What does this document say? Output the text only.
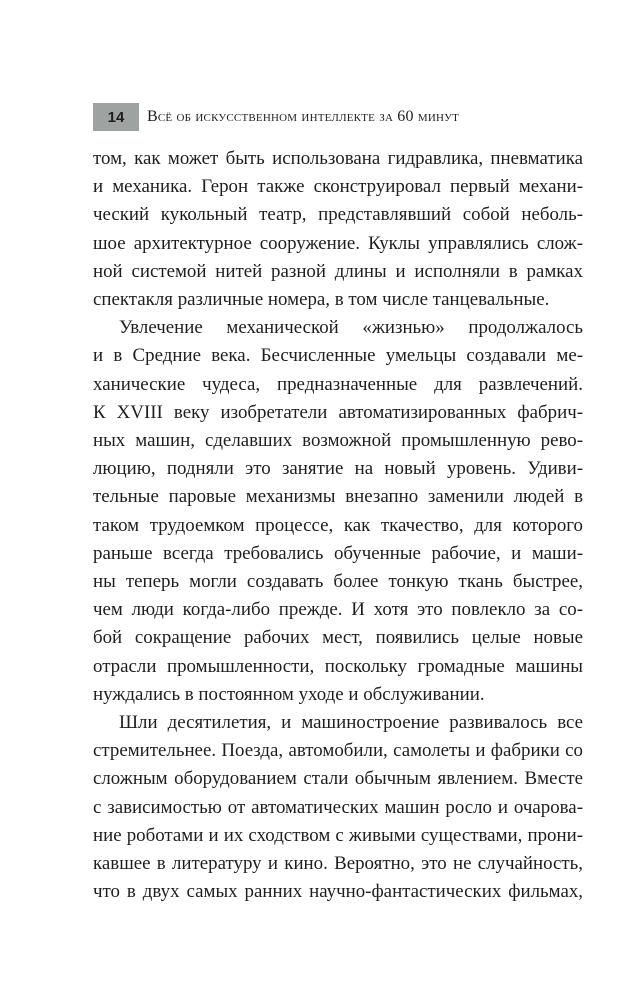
14 Всё об искусственном интеллекте за 60 минут

том, как может быть использована гидравлика, пневматика
и механика. Герон также сконструировал первый механи-
ческий кукольный театр, представлявший собой неболь-
шое архитектурное сооружение. Куклы управлялись слож-
ной системой нитей разной длины и исполняли в рамках
спектакля различные номера, в том числе танцевальные.

Увлечение механической «жизнью» продолжалось
и в Средние века. Бесчисленные умельцы создавали ме-
ханические чудеса, предназначенные для развлечений.
К XVIII веку изобретатели автоматизированных фабрич-
ных машин, сделавших возможной промышленную рево-
люцию, подняли это занятие на новый уровень. Удиви-
тельные паровые механизмы внезапно заменили людей в
таком трудоемком процессе, как ткачество, для которого
раньше всегда требовались обученные рабочие, и маши-
ны теперь могли создавать более тонкую ткань быстрее,
чем люди когда-либо прежде. И хотя это повлекло за со-
бой сокращение рабочих мест, появились целые новые
отрасли промышленности, поскольку громадные машины
нуждались в постоянном уходе и обслуживании.

Шли десятилетия, и машиностроение развивалось все
стремительнее. Поезда, автомобили, самолеты и фабрики со
сложным оборудованием стали обычным явлением. Вместе
с зависимостью от автоматических машин росло и очарова-
ние роботами и их сходством с живыми существами, прони-
кавшее в литературу и кино. Вероятно, это не случайность,
что в двух самых ранних научно-фантастических фильмах,
